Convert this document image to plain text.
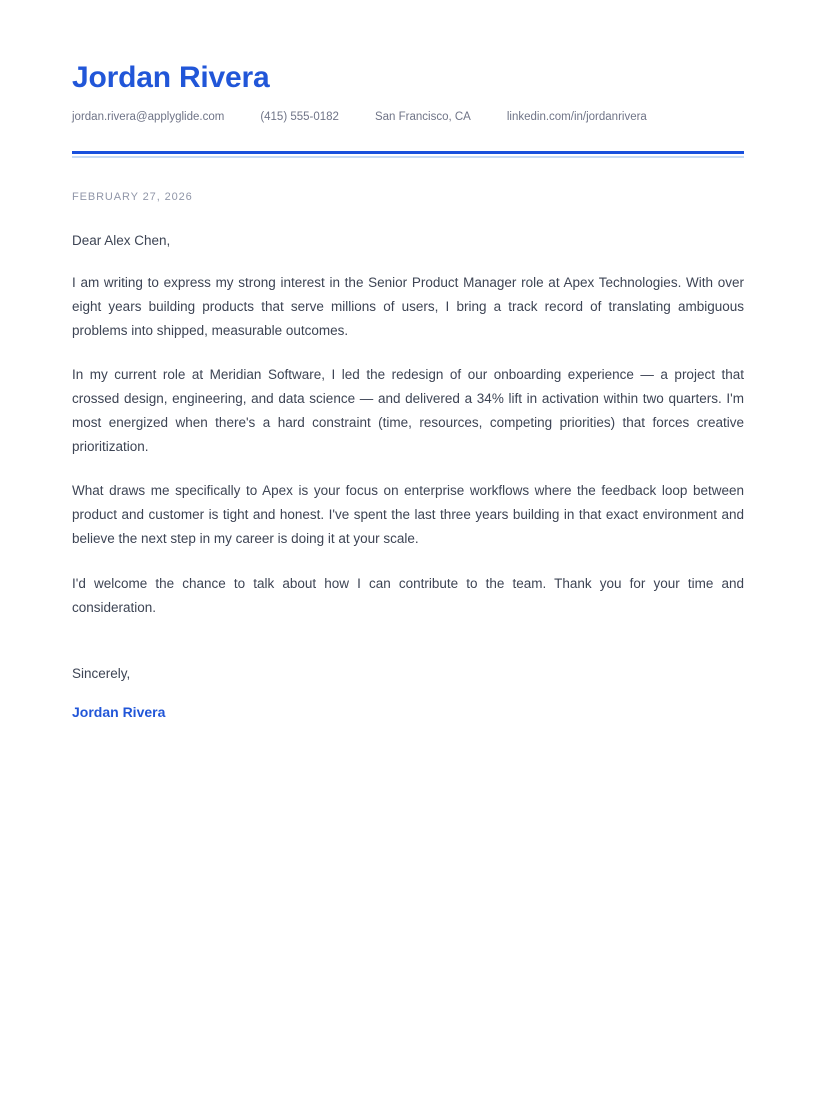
Jordan Rivera
jordan.rivera@applyglide.com	(415) 555-0182	San Francisco, CA	linkedin.com/in/jordanrivera
FEBRUARY 27, 2026
Dear Alex Chen,

I am writing to express my strong interest in the Senior Product Manager role at Apex Technologies. With over eight years building products that serve millions of users, I bring a track record of translating ambiguous problems into shipped, measurable outcomes.

In my current role at Meridian Software, I led the redesign of our onboarding experience — a project that crossed design, engineering, and data science — and delivered a 34% lift in activation within two quarters. I'm most energized when there's a hard constraint (time, resources, competing priorities) that forces creative prioritization.

What draws me specifically to Apex is your focus on enterprise workflows where the feedback loop between product and customer is tight and honest. I've spent the last three years building in that exact environment and believe the next step in my career is doing it at your scale.

I'd welcome the chance to talk about how I can contribute to the team. Thank you for your time and consideration.

Sincerely,
Jordan Rivera
